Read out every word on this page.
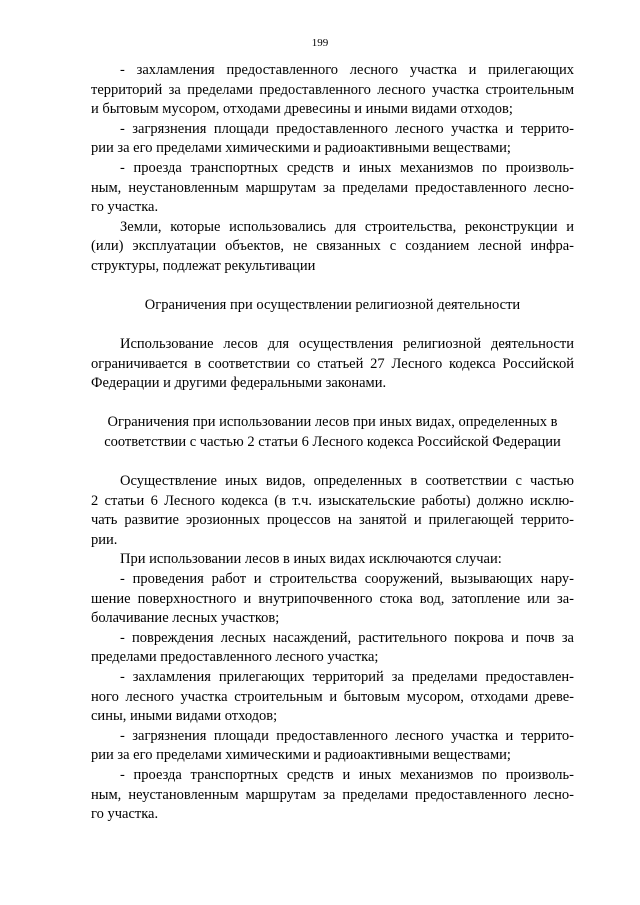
199
- захламления предоставленного лесного участка и прилегающих
территорий за пределами предоставленного лесного участка строительным
и бытовым мусором, отходами древесины и иными видами отходов;
- загрязнения площади предоставленного лесного участка и террито-
рии за его пределами химическими и радиоактивными веществами;
- проезда транспортных средств и иных механизмов по произволь-
ным, неустановленным маршрутам за пределами предоставленного лесно-
го участка.
Земли, которые использовались для строительства, реконструкции и
(или) эксплуатации объектов, не связанных с созданием лесной инфра-
структуры, подлежат рекультивации
Ограничения при осуществлении религиозной деятельности
Использование лесов для осуществления религиозной деятельности
ограничивается в соответствии со статьей 27 Лесного кодекса Российской
Федерации и другими федеральными законами.
Ограничения при использовании лесов при иных видах, определенных в
соответствии с частью 2 статьи 6 Лесного кодекса Российской Федерации
Осуществление иных видов, определенных в соответствии с частью
2 статьи 6 Лесного кодекса (в т.ч. изыскательские работы) должно исклю-
чать развитие эрозионных процессов на занятой и прилегающей террито-
рии.
При использовании лесов в иных видах исключаются случаи:
- проведения работ и строительства сооружений, вызывающих нару-
шение поверхностного и внутрипочвенного стока вод, затопление или за-
болачивание лесных участков;
- повреждения лесных насаждений, растительного покрова и почв за
пределами предоставленного лесного участка;
- захламления прилегающих территорий за пределами предоставлен-
ного лесного участка строительным и бытовым мусором, отходами древе-
сины, иными видами отходов;
- загрязнения площади предоставленного лесного участка и террито-
рии за его пределами химическими и радиоактивными веществами;
- проезда транспортных средств и иных механизмов по произволь-
ным, неустановленным маршрутам за пределами предоставленного лесно-
го участка.
